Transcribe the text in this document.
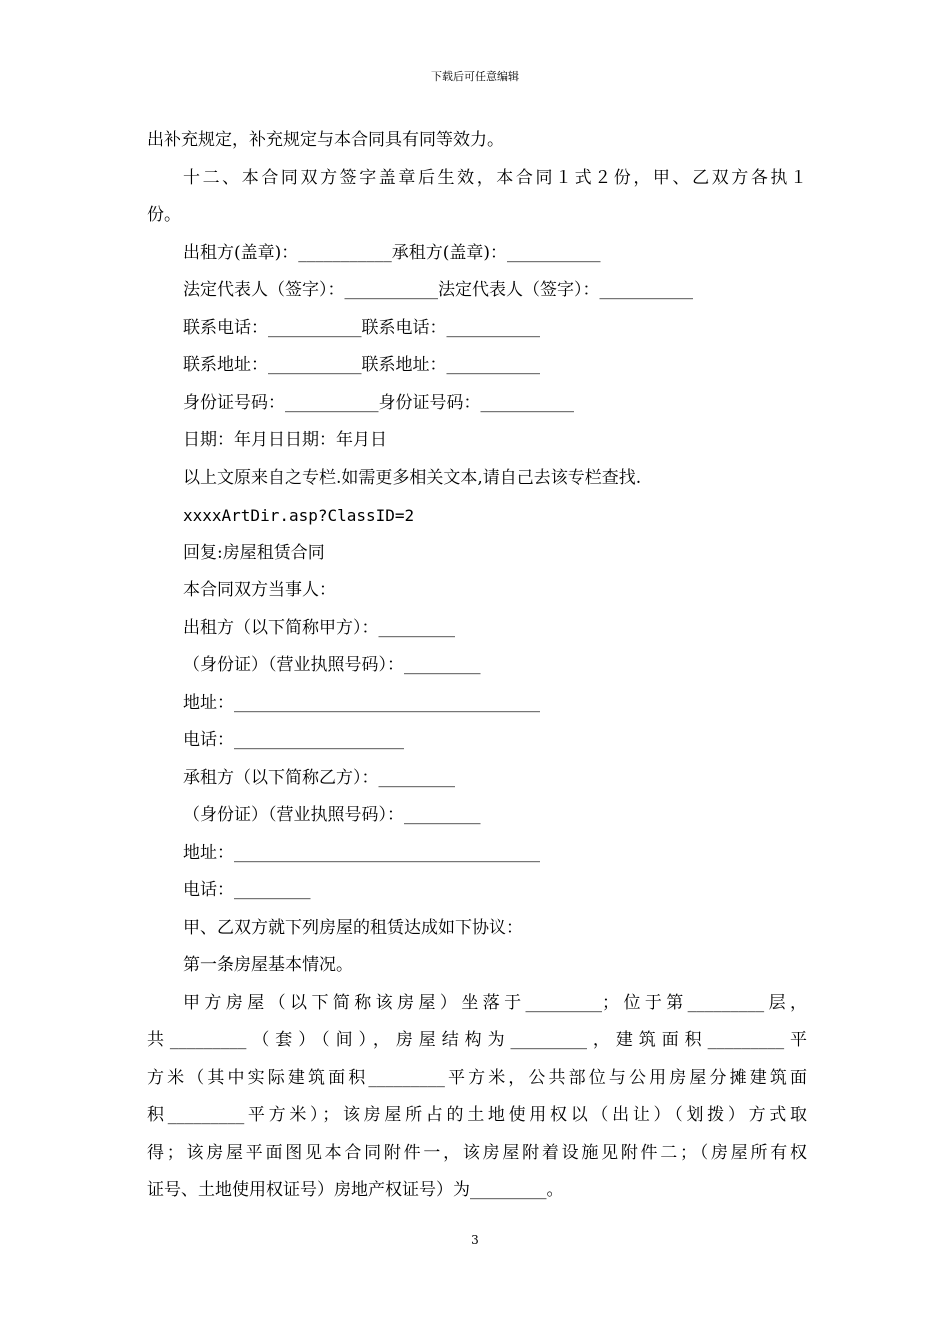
下载后可任意编辑
出补充规定，补充规定与本合同具有同等效力。
十二、本合同双方签字盖章后生效，本合同１式２份，甲、乙双方各执１
份。
出租方(盖章)：___________承租方(盖章)：___________
法定代表人（签字）：___________法定代表人（签字）：___________
联系电话：___________联系电话：___________
联系地址：___________联系地址：___________
身份证号码：___________身份证号码：___________
日期：年月日日期：年月日
以上文原来自之专栏.如需更多相关文本,请自己去该专栏查找.
xxxxArtDir.asp?ClassID=2
回复:房屋租赁合同
本合同双方当事人：
出租方（以下简称甲方）：_________
（身份证）（营业执照号码）：_________
地址：____________________________________
电话：____________________
承租方（以下简称乙方）：_________
（身份证）（营业执照号码）：_________
地址：____________________________________
电话：_________
甲、乙双方就下列房屋的租赁达成如下协议：
第一条房屋基本情况。
甲方房屋（以下简称该房屋）坐落于_________；位于第_________层，
共_________（套）（间），房屋结构为_________，建筑面积_________平
方米（其中实际建筑面积_________平方米，公共部位与公用房屋分摊建筑面
积_________平方米）；该房屋所占的土地使用权以（出让）（划拨）方式取
得；该房屋平面图见本合同附件一，该房屋附着设施见附件二；（房屋所有权
证号、土地使用权证号）房地产权证号）为_________。
3
